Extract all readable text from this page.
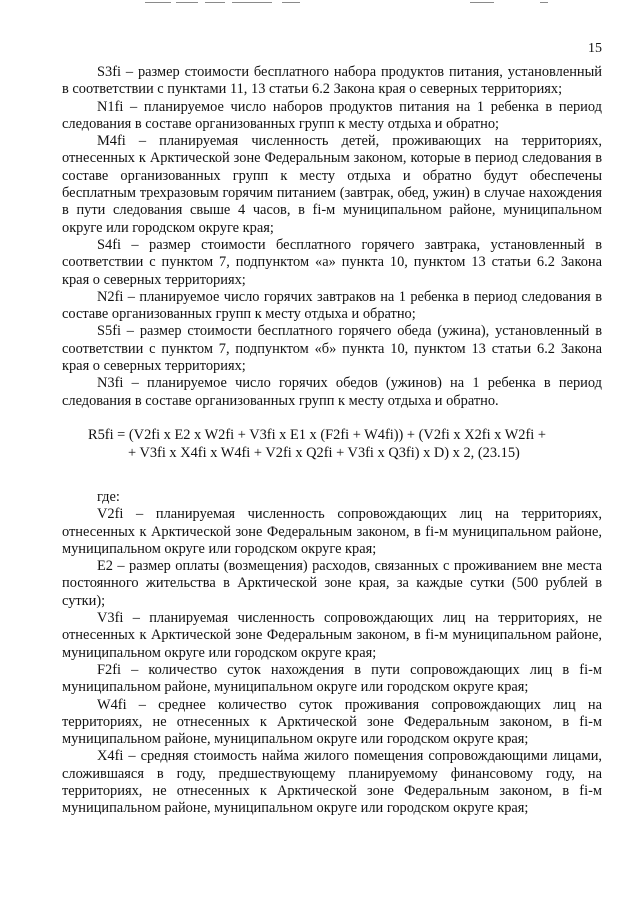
15

S3fi – размер стоимости бесплатного набора продуктов питания, установленный в соответствии с пунктами 11, 13 статьи 6.2 Закона края о северных территориях;

N1fi – планируемое число наборов продуктов питания на 1 ребенка в период следования в составе организованных групп к месту отдыха и обратно;

M4fi – планируемая численность детей, проживающих на территориях, отнесенных к Арктической зоне Федеральным законом, которые в период следования в составе организованных групп к месту отдыха и обратно будут обеспечены бесплатным трехразовым горячим питанием (завтрак, обед, ужин) в случае нахождения в пути следования свыше 4 часов, в fi-м муниципальном районе, муниципальном округе или городском округе края;

S4fi – размер стоимости бесплатного горячего завтрака, установленный в соответствии с пунктом 7, подпунктом «а» пункта 10, пунктом 13 статьи 6.2 Закона края о северных территориях;

N2fi – планируемое число горячих завтраков на 1 ребенка в период следования в составе организованных групп к месту отдыха и обратно;

S5fi – размер стоимости бесплатного горячего обеда (ужина), установленный в соответствии с пунктом 7, подпунктом «б» пункта 10, пунктом 13 статьи 6.2 Закона края о северных территориях;

N3fi – планируемое число горячих обедов (ужинов) на 1 ребенка в период следования в составе организованных групп к месту отдыха и обратно.

R5fi = (V2fi x E2 x W2fi + V3fi x E1 x (F2fi + W4fi)) + (V2fi x X2fi x W2fi +
+ V3fi x X4fi x W4fi + V2fi x Q2fi + V3fi x Q3fi) x D) x 2, (23.15)

где:

V2fi – планируемая численность сопровождающих лиц на территориях, отнесенных к Арктической зоне Федеральным законом, в fi-м муниципальном районе, муниципальном округе или городском округе края;

E2 – размер оплаты (возмещения) расходов, связанных с проживанием вне места постоянного жительства в Арктической зоне края, за каждые сутки (500 рублей в сутки);

V3fi – планируемая численность сопровождающих лиц на территориях, не отнесенных к Арктической зоне Федеральным законом, в fi-м муниципальном районе, муниципальном округе или городском округе края;

F2fi – количество суток нахождения в пути сопровождающих лиц в fi-м муниципальном районе, муниципальном округе или городском округе края;

W4fi – среднее количество суток проживания сопровождающих лиц на территориях, не отнесенных к Арктической зоне Федеральным законом, в fi-м муниципальном районе, муниципальном округе или городском округе края;

X4fi – средняя стоимость найма жилого помещения сопровождающими лицами, сложившаяся в году, предшествующему планируемому финансовому году, на территориях, не отнесенных к Арктической зоне Федеральным законом, в fi-м муниципальном районе, муниципальном округе или городском округе края;
